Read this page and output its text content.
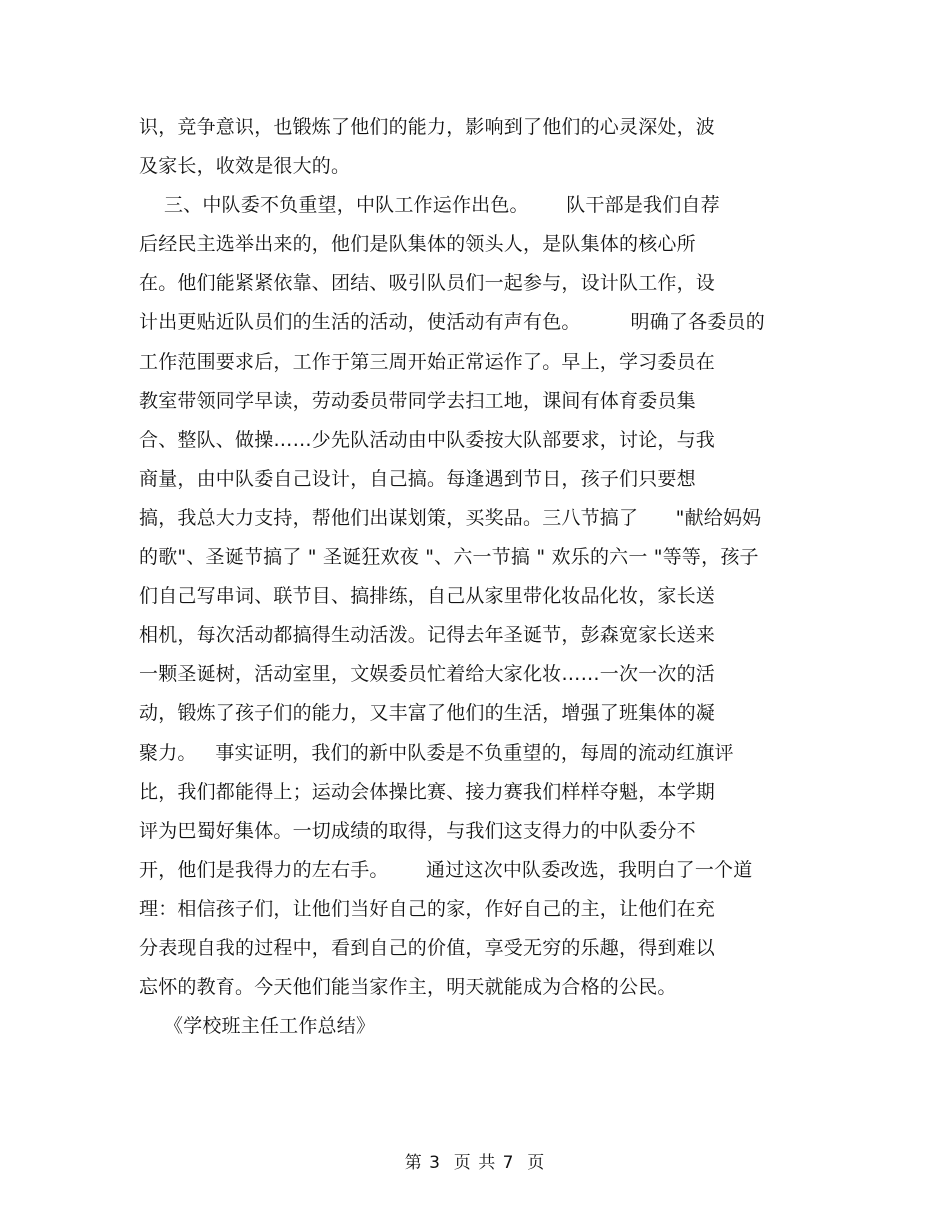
识，竞争意识，也锻炼了他们的能力，影响到了他们的心灵深处，波
及家长，收效是很大的。
三、中队委不负重望，中队工作运作出色。      队干部是我们自荐
后经民主选举出来的，他们是队集体的领头人，是队集体的核心所
在。他们能紧紧依靠、团结、吸引队员们一起参与，设计队工作，设
计出更贴近队员们的生活的活动，使活动有声有色。        明确了各委员的
工作范围要求后，工作于第三周开始正常运作了。早上，学习委员在
教室带领同学早读，劳动委员带同学去扫工地，课间有体育委员集
合、整队、做操……少先队活动由中队委按大队部要求，讨论，与我
商量，由中队委自己设计，自己搞。每逢遇到节日，孩子们只要想
搞，我总大力支持，帮他们出谋划策，买奖品。三八节搞了      "献给妈妈
的歌"、圣诞节搞了 " 圣诞狂欢夜 "、六一节搞 " 欢乐的六一 "等等，孩子
们自己写串词、联节目、搞排练，自己从家里带化妆品化妆，家长送
相机，每次活动都搞得生动活泼。记得去年圣诞节，彭森宽家长送来
一颗圣诞树，活动室里，文娱委员忙着给大家化妆……一次一次的活
动，锻炼了孩子们的能力，又丰富了他们的生活，增强了班集体的凝
聚力。   事实证明，我们的新中队委是不负重望的，每周的流动红旗评
比，我们都能得上；运动会体操比赛、接力赛我们样样夺魁，本学期
评为巴蜀好集体。一切成绩的取得，与我们这支得力的中队委分不
开，他们是我得力的左右手。      通过这次中队委改选，我明白了一个道
理：相信孩子们，让他们当好自己的家，作好自己的主，让他们在充
分表现自我的过程中，看到自己的价值，享受无穷的乐趣，得到难以
忘怀的教育。今天他们能当家作主，明天就能成为合格的公民。
《学校班主任工作总结》
第 3  页 共 7  页
